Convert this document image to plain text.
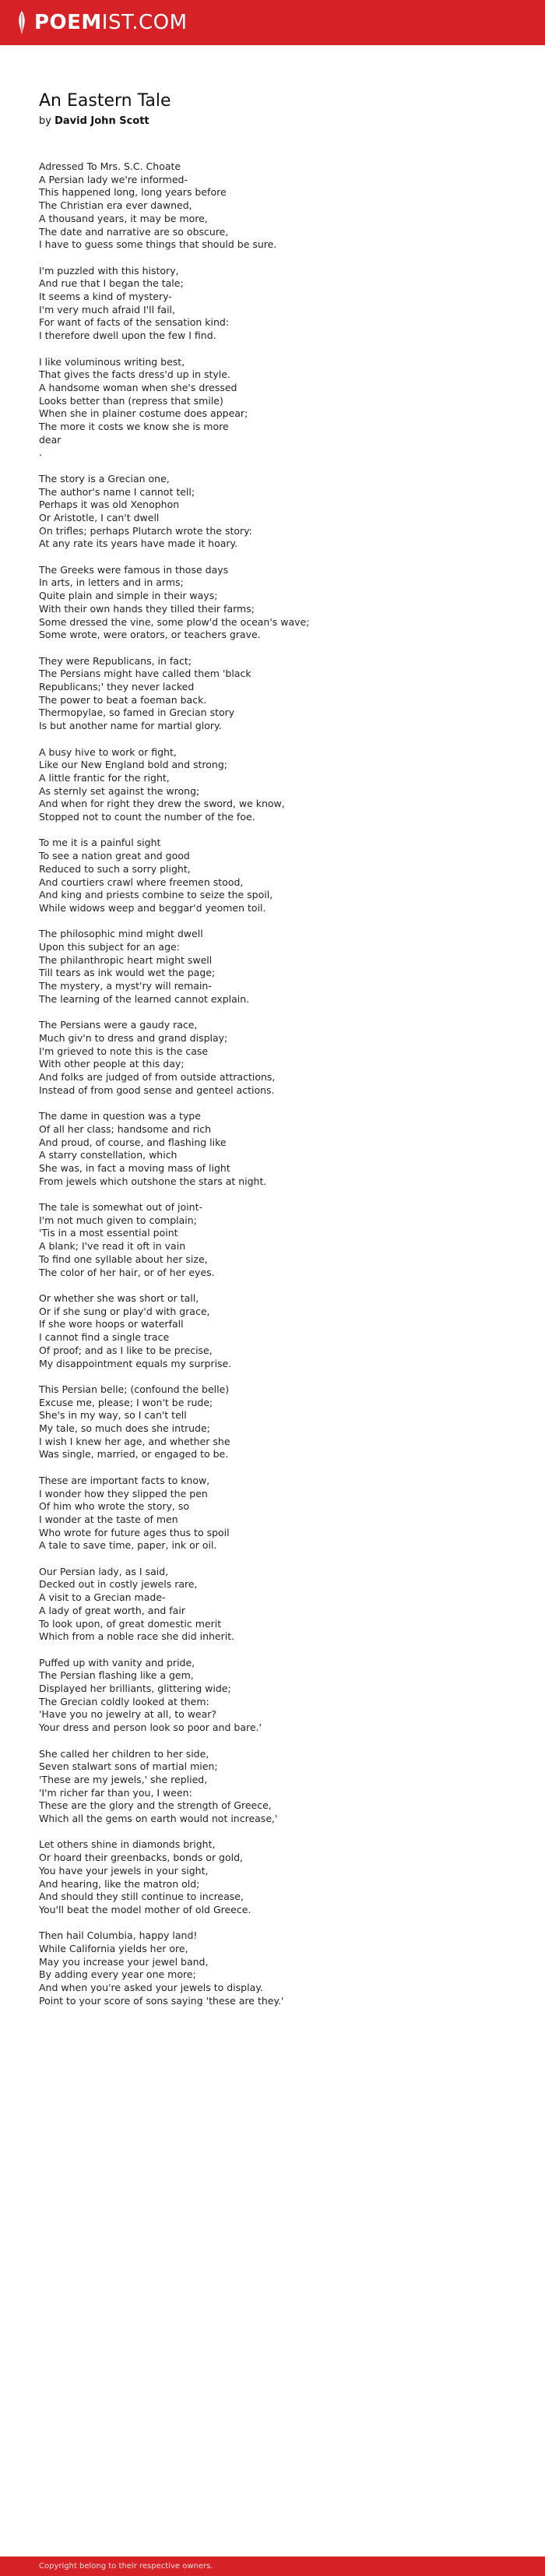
POEMIST.COM
An Eastern Tale

by David John Scott

Adressed To Mrs. S.C. Choate
A Persian lady we're informed-
This happened long, long years before
The Christian era ever dawned,
A thousand years, it may be more,
The date and narrative are so obscure,
I have to guess some things that should be sure.

I'm puzzled with this history,
And rue that I began the tale;
It seems a kind of mystery-
I'm very much afraid I'll fail,
For want of facts of the sensation kind:
I therefore dwell upon the few I find.

I like voluminous writing best,
That gives the facts dress'd up in style.
A handsome woman when she's dressed
Looks better than (repress that smile)
When she in plainer costume does appear;
The more it costs we know she is more
dear
.

The story is a Grecian one,
The author's name I cannot tell;
Perhaps it was old Xenophon
Or Aristotle, I can't dwell
On trifles; perhaps Plutarch wrote the story:
At any rate its years have made it hoary.

The Greeks were famous in those days
In arts, in letters and in arms;
Quite plain and simple in their ways;
With their own hands they tilled their farms;
Some dressed the vine, some plow'd the ocean's wave;
Some wrote, were orators, or teachers grave.

They were Republicans, in fact;
The Persians might have called them 'black
Republicans;' they never lacked
The power to beat a foeman back.
Thermopylae, so famed in Grecian story
Is but another name for martial glory.

A busy hive to work or fight,
Like our New England bold and strong;
A little frantic for the right,
As sternly set against the wrong;
And when for right they drew the sword, we know,
Stopped not to count the number of the foe.

To me it is a painful sight
To see a nation great and good
Reduced to such a sorry plight,
And courtiers crawl where freemen stood,
And king and priests combine to seize the spoil,
While widows weep and beggar'd yeomen toil.

The philosophic mind might dwell
Upon this subject for an age:
The philanthropic heart might swell
Till tears as ink would wet the page;
The mystery, a myst'ry will remain-
The learning of the learned cannot explain.

The Persians were a gaudy race,
Much giv'n to dress and grand display;
I'm grieved to note this is the case
With other people at this day;
And folks are judged of from outside attractions,
Instead of from good sense and genteel actions.

The dame in question was a type
Of all her class; handsome and rich
And proud, of course, and flashing like
A starry constellation, which
She was, in fact a moving mass of light
From jewels which outshone the stars at night.

The tale is somewhat out of joint-
I'm not much given to complain;
'Tis in a most essential point
A blank; I've read it oft in vain
To find one syllable about her size,
The color of her hair, or of her eyes.

Or whether she was short or tall,
Or if she sung or play'd with grace,
If she wore hoops or waterfall
I cannot find a single trace
Of proof; and as I like to be precise,
My disappointment equals my surprise.

This Persian belle; (confound the belle)
Excuse me, please; I won't be rude;
She's in my way, so I can't tell
My tale, so much does she intrude;
I wish I knew her age, and whether she
Was single, married, or engaged to be.

These are important facts to know,
I wonder how they slipped the pen
Of him who wrote the story, so
I wonder at the taste of men
Who wrote for future ages thus to spoil
A tale to save time, paper, ink or oil.

Our Persian lady, as I said,
Decked out in costly jewels rare,
A visit to a Grecian made-
A lady of great worth, and fair
To look upon, of great domestic merit
Which from a noble race she did inherit.

Puffed up with vanity and pride,
The Persian flashing like a gem,
Displayed her brilliants, glittering wide;
The Grecian coldly looked at them:
'Have you no jewelry at all, to wear?
Your dress and person look so poor and bare.'

She called her children to her side,
Seven stalwart sons of martial mien;
'These are my jewels,' she replied,
'I'm richer far than you, I ween:
These are the glory and the strength of Greece,
Which all the gems on earth would not increase,'

Let others shine in diamonds bright,
Or hoard their greenbacks, bonds or gold,
You have your jewels in your sight,
And hearing, like the matron old;
And should they still continue to increase,
You'll beat the model mother of old Greece.

Then hail Columbia, happy land!
While California yields her ore,
May you increase your jewel band,
By adding every year one more;
And when you're asked your jewels to display.
Point to your score of sons saying 'these are they.'

Copyright belong to their respective owners.
